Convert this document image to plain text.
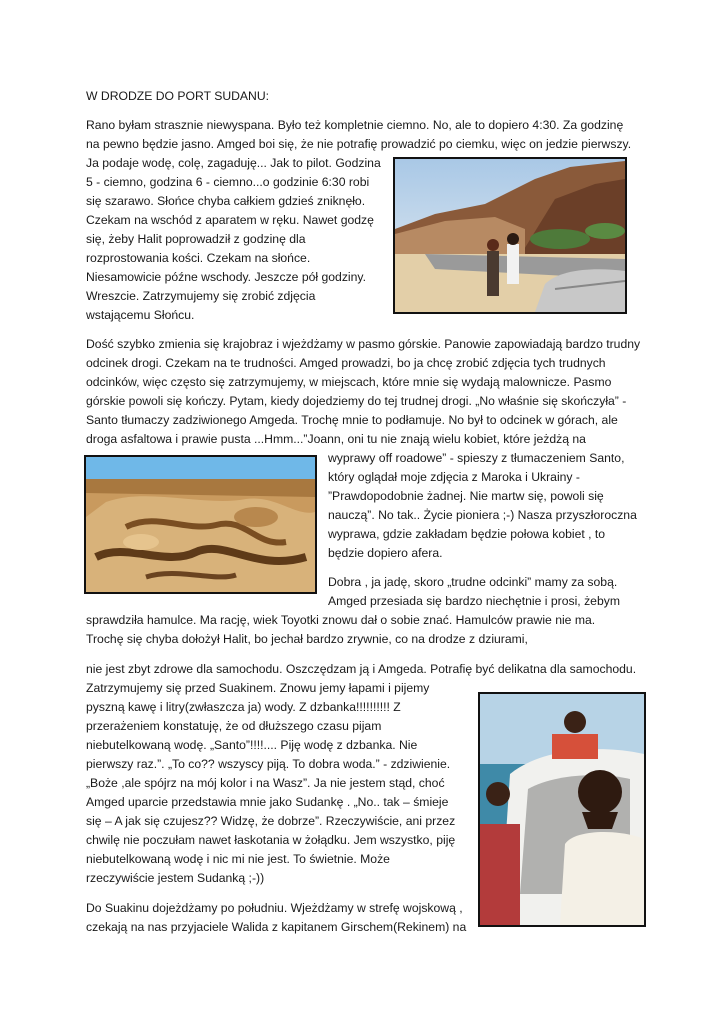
W DRODZE DO PORT SUDANU:
Rano byłam strasznie niewyspana. Było też kompletnie ciemno. No, ale to dopiero 4:30. Za godzinę
na pewno będzie jasno. Amged boi się, że nie potrafię prowadzić po ciemku, więc on jedzie pierwszy.
Ja podaje wodę, colę, zagaduję... Jak to pilot. Godzina
5 - ciemno, godzina 6 - ciemno...o godzinie 6:30 robi
się szarawo. Słońce chyba całkiem gdzieś zniknęło.
Czekam na wschód z aparatem w ręku. Nawet godzę
się, żeby Halit poprowadził z godzinę dla
rozprostowania kości. Czekam na słońce.
Niesamowicie późne wschody. Jeszcze pół godziny.
Wreszcie. Zatrzymujemy się zrobić zdjęcia
wstającemu Słońcu.
Dość szybko zmienia się krajobraz i wjeżdżamy w pasmo górskie. Panowie zapowiadają bardzo trudny
odcinek drogi. Czekam na te trudności. Amged prowadzi, bo ja chcę zrobić zdjęcia tych trudnych
odcinków, więc często się zatrzymujemy, w miejscach, które mnie się wydają malownicze. Pasmo
górskie powoli się kończy. Pytam, kiedy dojedziemy do tej trudnej drogi. „No właśnie się skończyła” -
Santo tłumaczy zadziwionego Amgeda. Trochę mnie to podłamuje. No był to odcinek w górach, ale
droga asfaltowa i prawie pusta ...Hmm...”Joann, oni tu nie znają wielu kobiet, które jeżdżą na
wyprawy off roadowe” - spieszy z tłumaczeniem Santo,
który oglądał moje zdjęcia z Maroka i Ukrainy -
”Prawdopodobnie żadnej. Nie martw się, powoli się
nauczą”. No tak.. Życie pioniera ;-) Nasza przyszłoroczna
wyprawa, gdzie zakładam będzie połowa kobiet , to
będzie dopiero afera.
Dobra , ja jadę, skoro „trudne odcinki” mamy za sobą.
Amged przesiada się bardzo niechętnie i prosi, żebym
sprawdziła hamulce. Ma rację, wiek Toyotki znowu dał o sobie znać. Hamulców prawie nie ma.
Trochę się chyba dołożył Halit, bo jechał bardzo zrywnie, co na drodze z dziurami,
nie jest zbyt zdrowe dla samochodu. Oszczędzam ją i Amgeda. Potrafię być delikatna dla samochodu.
Zatrzymujemy się przed Suakinem. Znowu jemy łapami i pijemy
pyszną kawę i litry(zwłaszcza ja) wody. Z dzbanka!!!!!!!!!! Z
przerażeniem konstatuję, że od dłuższego czasu pijam
niebutelkowaną wodę. „Santo”!!!!.... Piję wodę z dzbanka. Nie
pierwszy raz.”. „To co?? wszyscy piją. To dobra woda.” - zdziwienie.
„Boże ,ale spójrz na mój kolor i na Wasz”. Ja nie jestem stąd, choć
Amged uparcie przedstawia mnie jako Sudankę . „No.. tak – śmieje
się – A jak się czujesz?? Widzę, że dobrze”. Rzeczywiście, ani przez
chwilę nie poczułam nawet łaskotania w żołądku. Jem wszystko, piję
niebutelkowaną wodę i nic mi nie jest. To świetnie. Może
rzeczywiście jestem Sudanką ;-))
Do Suakinu dojeżdżamy po południu. Wjeżdżamy w strefę wojskową ,
czekają na nas przyjaciele Walida z kapitanem Girschem(Rekinem) na
